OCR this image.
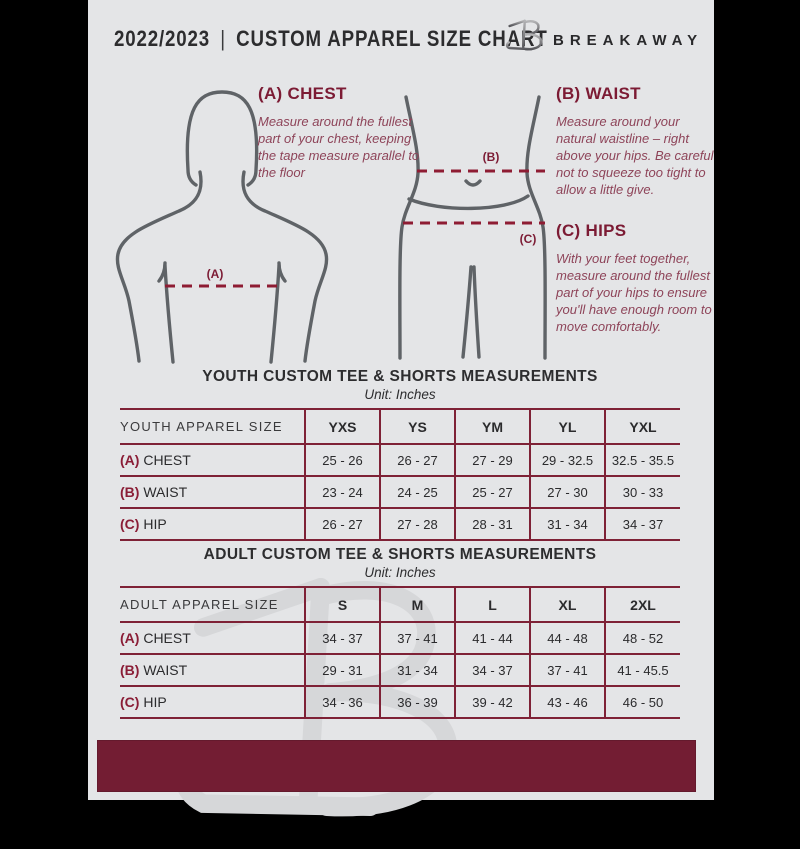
2022/2023 | CUSTOM APPAREL SIZE CHART BREAKAWAY
(A)
(B)
(C)
(A) CHEST

Measure around the fullest part of your chest, keeping the tape measure parallel to the floor

(B) WAIST

Measure around your natural waistline – right above your hips. Be careful not to squeeze too tight to allow a little give.

(C) HIPS

With your feet together, measure around the fullest part of your hips to ensure you'll have enough room to move comfortably.

YOUTH CUSTOM TEE & SHORTS MEASUREMENTS
Unit: Inches
YOUTH APPAREL SIZE	YXS	YS	YM	YL	YXL
(A) CHEST	25 - 26	26 - 27	27 - 29	29 - 32.5	32.5 - 35.5
(B) WAIST	23 - 24	24 - 25	25 - 27	27 - 30	30 - 33
(C) HIP	26 - 27	27 - 28	28 - 31	31 - 34	34 - 37
ADULT CUSTOM TEE & SHORTS MEASUREMENTS
Unit: Inches
ADULT APPAREL SIZE	S	M	L	XL	2XL
(A) CHEST	34 - 37	37 - 41	41 - 44	44 - 48	48 - 52
(B) WAIST	29 - 31	31 - 34	34 - 37	37 - 41	41 - 45.5
(C) HIP	34 - 36	36 - 39	39 - 42	43 - 46	46 - 50
